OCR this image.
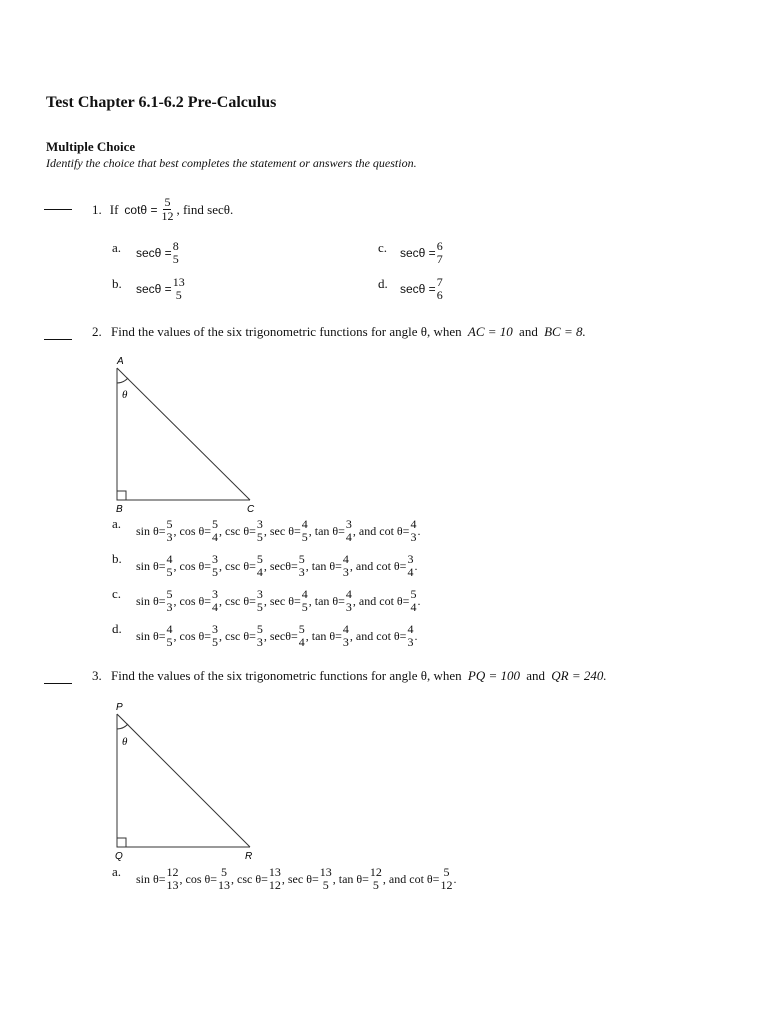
Test Chapter 6.1-6.2 Pre-Calculus
Multiple Choice
Identify the choice that best completes the statement or answers the question.
1. If $\cot\theta = \frac{5}{12}$ , find secθ.
a. secθ = 8
5
b. secθ = 13
5
c. secθ = 6
7
d. secθ = 7
6
2. Find the values of the six trigonometric functions for angle θ, when AC = 10 and BC = 8.
A
θ
B	C
a. sin θ= 5
3 , cos θ= 5
4 , csc θ= 3
5 , sec θ= 4
5 , tan θ= 3
4 , and cot θ= 4
3 .
b. sin θ= 4
5 , cos θ= 3
5 , csc θ= 5
4 , secθ= 5
3 , tan θ= 4
3 , and cot θ= 3
4 .
c. sin θ= 5
3 , cos θ= 3
4 , csc θ= 3
5 , sec θ= 4
5 , tan θ= 4
3 , and cot θ= 5
4 .
d. sin θ= 4
5 , cos θ= 3
5 , csc θ= 5
3 , secθ= 5
4 , tan θ= 4
3 , and cot θ= 4
3 .
3. Find the values of the six trigonometric functions for angle θ, when PQ = 100 and QR = 240.
P
θ
Q	R
a. sin θ= 12
13 , cos θ= 5
13 , csc θ= 13
12 , sec θ= 13
5 , tan θ= 12
5 , and cot θ= 5
12 .
